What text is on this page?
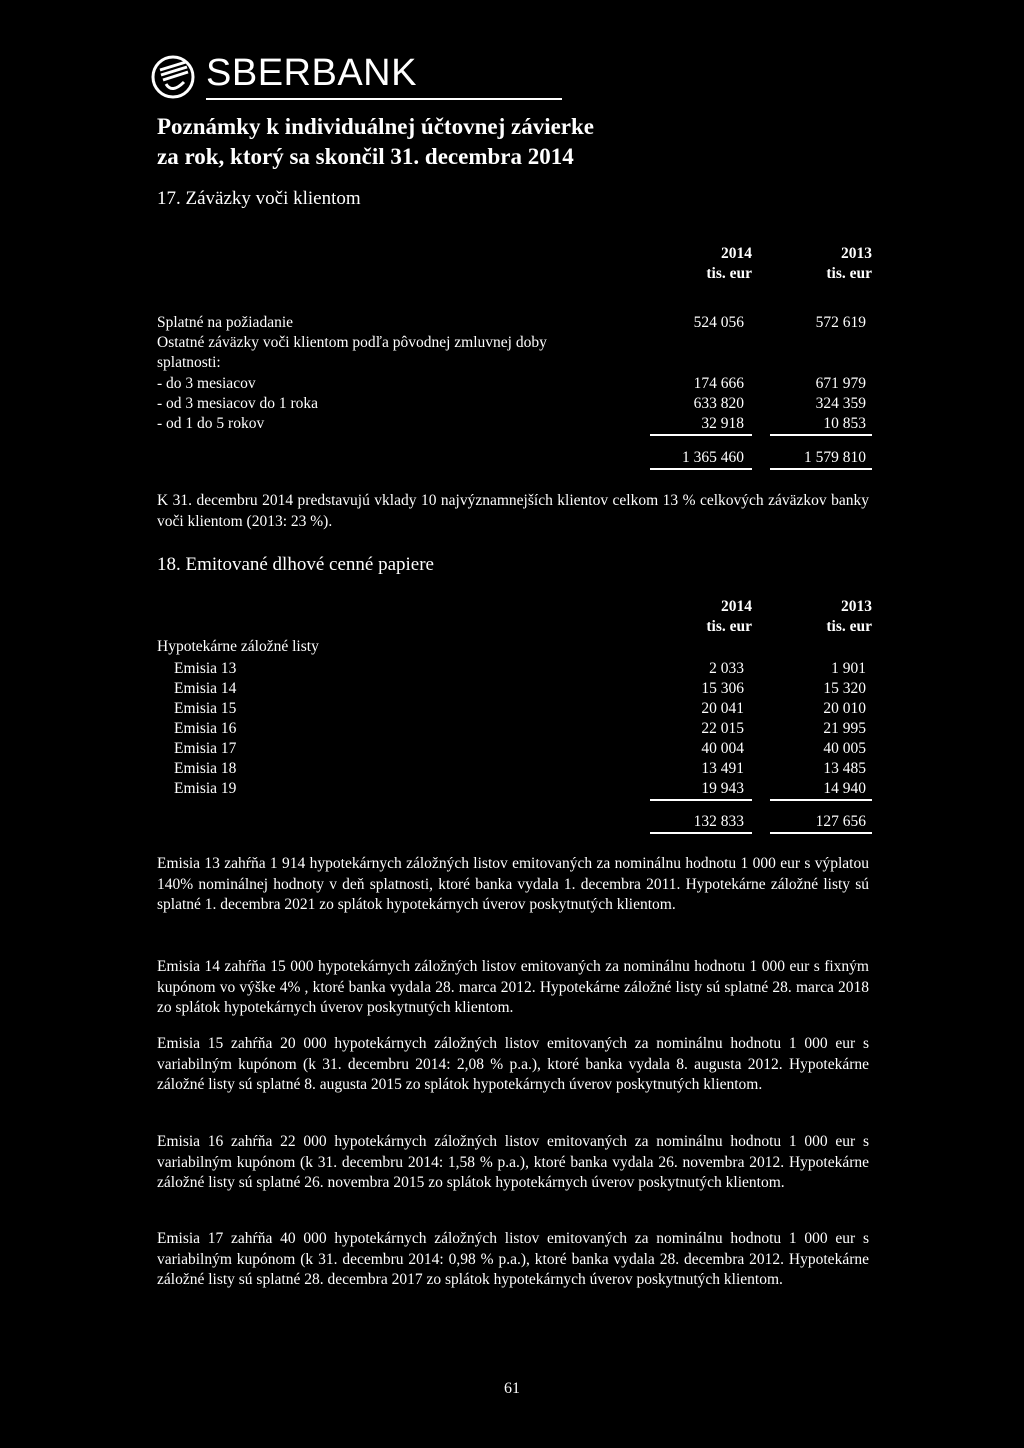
SBERBANK
Poznámky k individuálnej účtovnej závierke
za rok, ktorý sa skončil 31. decembra 2014
17. Záväzky voči klientom
2014	2013
tis. eur	tis. eur
Splatné na požiadanie	524 056	572 619
Ostatné záväzky voči klientom podľa pôvodnej zmluvnej doby
splatnosti:
- do 3 mesiacov	174 666	671 979
- od 3 mesiacov do 1 roka	633 820	324 359
- od 1 do 5 rokov	32 918	10 853
1 365 460	1 579 810
K 31. decembru 2014 predstavujú vklady 10 najvýznamnejších klientov celkom 13 % celkových záväzkov banky voči klientom (2013: 23 %).
18. Emitované dlhové cenné papiere
2014	2013
tis. eur	tis. eur
Hypotekárne záložné listy
Emisia 13	2 033	1 901
Emisia 14	15 306	15 320
Emisia 15	20 041	20 010
Emisia 16	22 015	21 995
Emisia 17	40 004	40 005
Emisia 18	13 491	13 485
Emisia 19	19 943	14 940
132 833	127 656
Emisia 13 zahŕňa 1 914 hypotekárnych záložných listov emitovaných za nominálnu hodnotu 1 000 eur s výplatou 140% nominálnej hodnoty v deň splatnosti, ktoré banka vydala 1. decembra 2011. Hypotekárne záložné listy sú splatné 1. decembra 2021 zo splátok hypotekárnych úverov poskytnutých klientom.
Emisia 14 zahŕňa 15 000 hypotekárnych záložných listov emitovaných za nominálnu hodnotu 1 000 eur s fixným kupónom vo výške 4% , ktoré banka vydala 28. marca 2012. Hypotekárne záložné listy sú splatné 28. marca 2018 zo splátok hypotekárnych úverov poskytnutých klientom.
Emisia 15 zahŕňa 20 000 hypotekárnych záložných listov emitovaných za nominálnu hodnotu 1 000 eur s variabilným kupónom (k 31. decembru 2014: 2,08 % p.a.), ktoré banka vydala 8. augusta 2012. Hypotekárne záložné listy sú splatné 8. augusta 2015 zo splátok hypotekárnych úverov poskytnutých klientom.
Emisia 16 zahŕňa 22 000 hypotekárnych záložných listov emitovaných za nominálnu hodnotu 1 000 eur s variabilným kupónom (k 31. decembru 2014: 1,58 % p.a.), ktoré banka vydala 26. novembra 2012. Hypotekárne záložné listy sú splatné 26. novembra 2015 zo splátok hypotekárnych úverov poskytnutých klientom.
Emisia 17 zahŕňa 40 000 hypotekárnych záložných listov emitovaných za nominálnu hodnotu 1 000 eur s variabilným kupónom (k 31. decembru 2014: 0,98 % p.a.), ktoré banka vydala 28. decembra 2012. Hypotekárne záložné listy sú splatné 28. decembra 2017 zo splátok hypotekárnych úverov poskytnutých klientom.
61
